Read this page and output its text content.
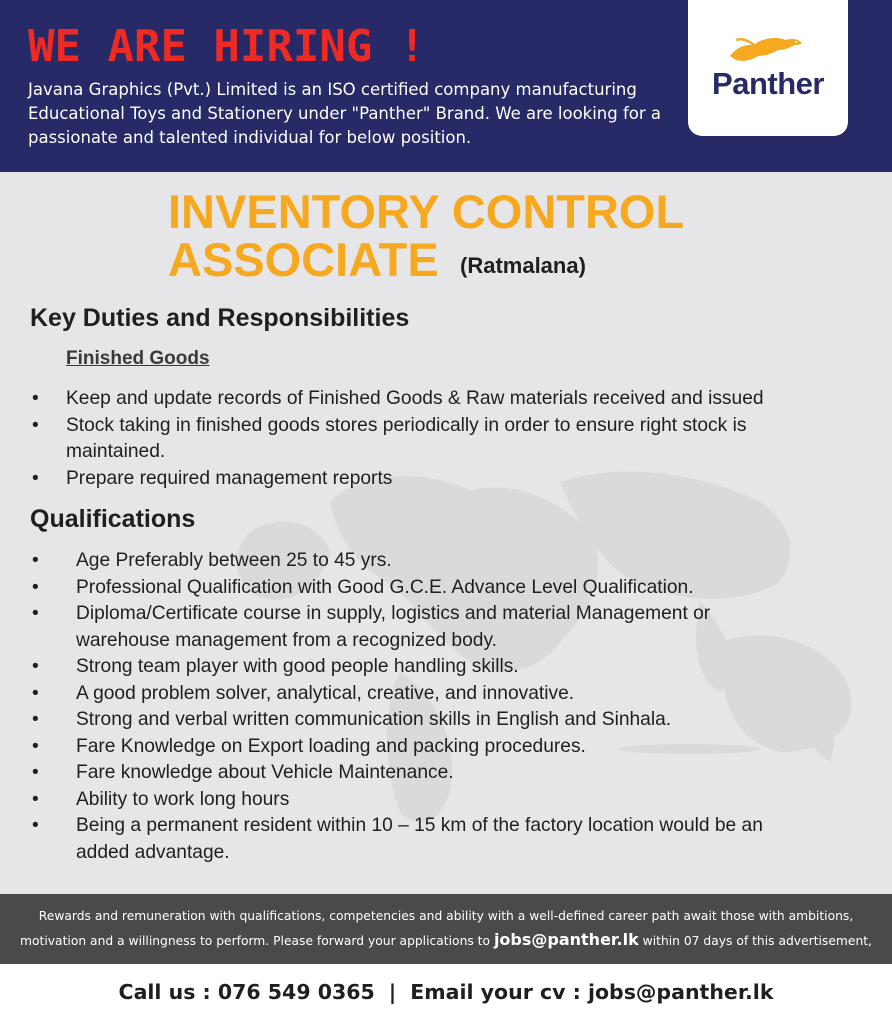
WE ARE HIRING !

Javana Graphics (Pvt.) Limited is an ISO certified company manufacturing Educational Toys and Stationery under "Panther" Brand. We are looking for a passionate and talented individual for below position.

Panther
INVENTORY CONTROL
ASSOCIATE (Ratmalana)
Key Duties and Responsibilities
Finished Goods
• Keep and update records of Finished Goods & Raw materials received and issued
• Stock taking in finished goods stores periodically in order to ensure right stock is maintained.
• Prepare required management reports
Qualifications
• Age Preferably between 25 to 45 yrs.
• Professional Qualification with Good G.C.E. Advance Level Qualification.
• Diploma/Certificate course in supply, logistics and material Management or warehouse management from a recognized body.
• Strong team player with good people handling skills.
• A good problem solver, analytical, creative, and innovative.
• Strong and verbal written communication skills in English and Sinhala.
• Fare Knowledge on Export loading and packing procedures.
• Fare knowledge about Vehicle Maintenance.
• Ability to work long hours
• Being a permanent resident within 10 – 15 km of the factory location would be an added advantage.

Rewards and remuneration with qualifications, competencies and ability with a well-defined career path await those with ambitions,

motivation and a willingness to perform. Please forward your applications to jobs@panther.lk within 07 days of this advertisement,

Call us : 076 549 0365 | Email your cv : jobs@panther.lk
